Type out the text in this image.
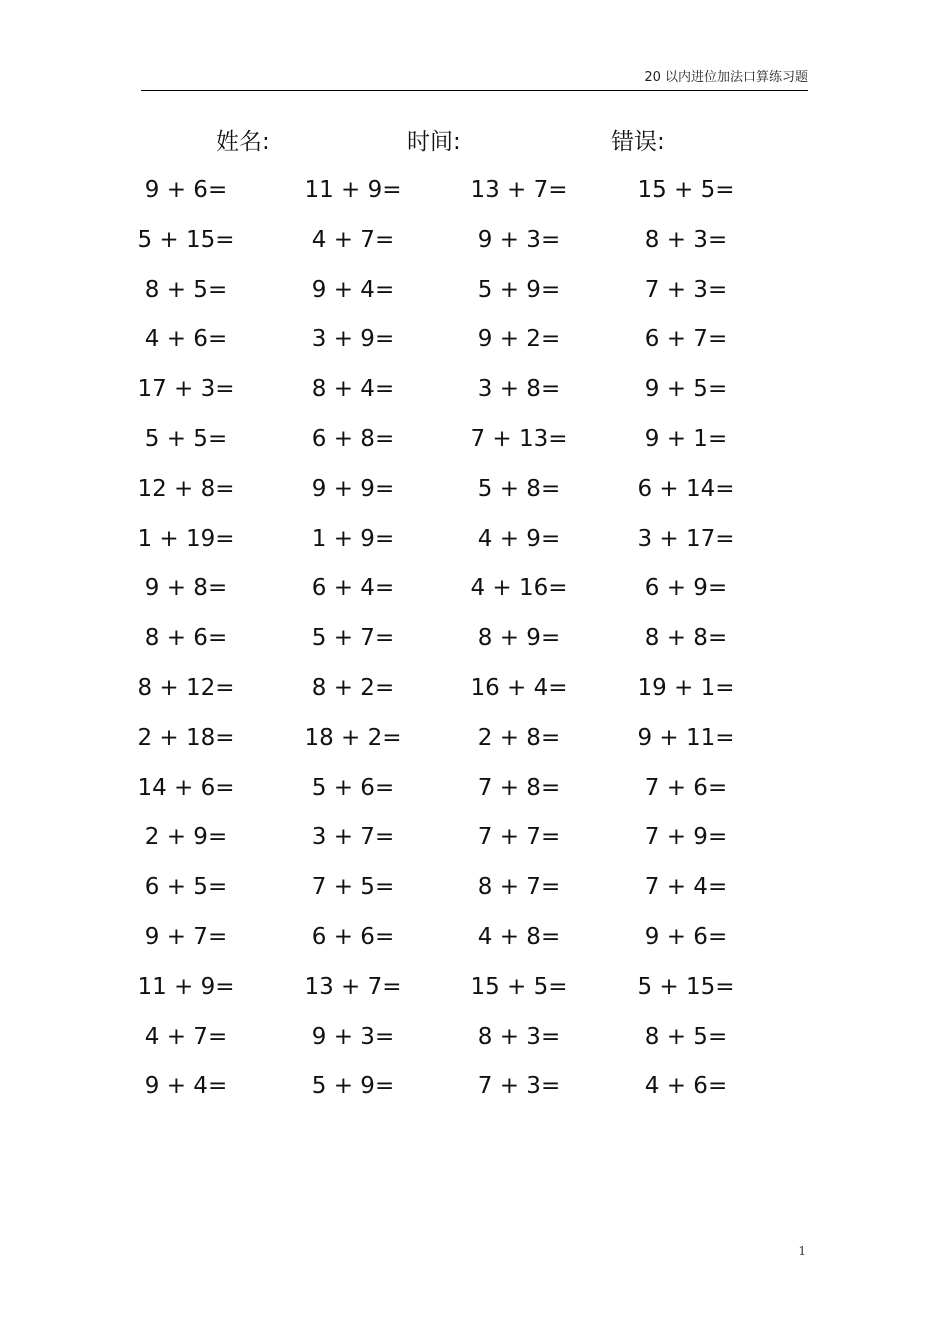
20 以内进位加法口算练习题
姓名:	时间:	错误:
9 + 6=	11 + 9=	13 + 7=	15 + 5=
5 + 15=	4 + 7=	9 + 3=	8 + 3=
8 + 5=	9 + 4=	5 + 9=	7 + 3=
4 + 6=	3 + 9=	9 + 2=	6 + 7=
17 + 3=	8 + 4=	3 + 8=	9 + 5=
5 + 5=	6 + 8=	7 + 13=	9 + 1=
12 + 8=	9 + 9=	5 + 8=	6 + 14=
1 + 19=	1 + 9=	4 + 9=	3 + 17=
9 + 8=	6 + 4=	4 + 16=	6 + 9=
8 + 6=	5 + 7=	8 + 9=	8 + 8=
8 + 12=	8 + 2=	16 + 4=	19 + 1=
2 + 18=	18 + 2=	2 + 8=	9 + 11=
14 + 6=	5 + 6=	7 + 8=	7 + 6=
2 + 9=	3 + 7=	7 + 7=	7 + 9=
6 + 5=	7 + 5=	8 + 7=	7 + 4=
9 + 7=	6 + 6=	4 + 8=	9 + 6=
11 + 9=	13 + 7=	15 + 5=	5 + 15=
4 + 7=	9 + 3=	8 + 3=	8 + 5=
9 + 4=	5 + 9=	7 + 3=	4 + 6=
1
